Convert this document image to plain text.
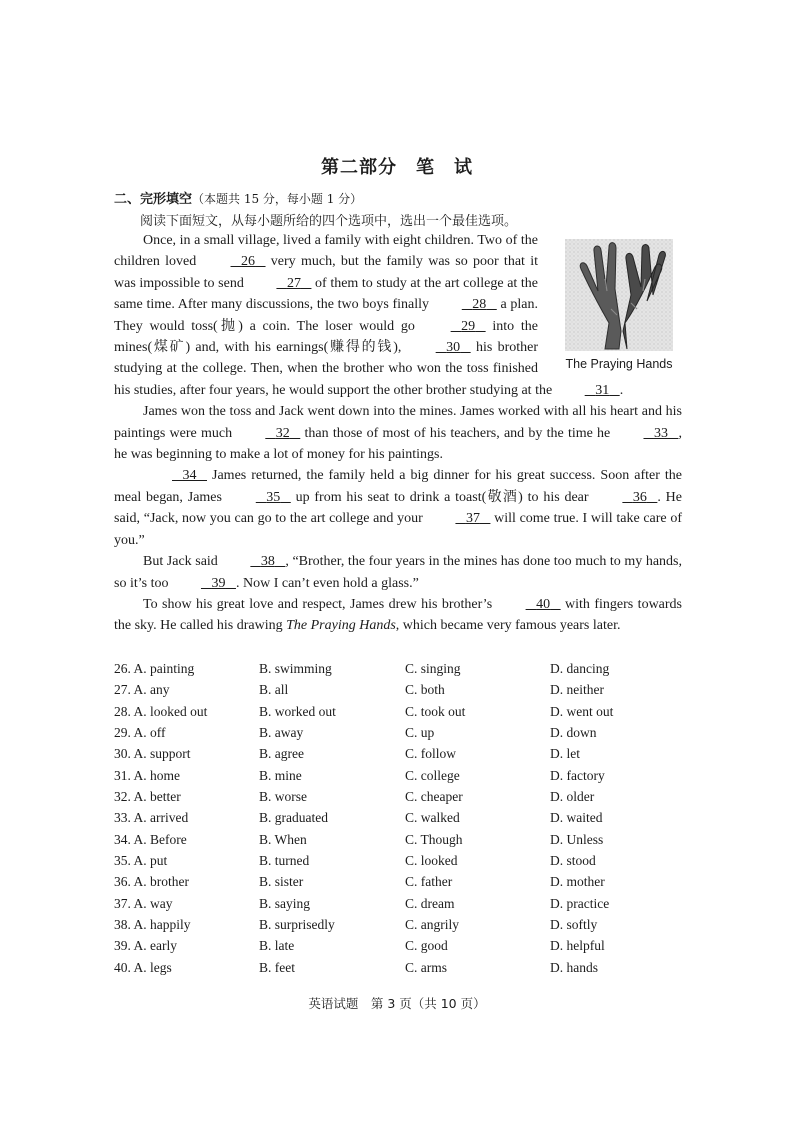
第二部分　笔　试
二、完形填空（本题共 15 分，每小题 1 分）
阅读下面短文，从每小题所给的四个选项中，选出一个最佳选项。
The Praying Hands

Once, in a small village, lived a family with eight children. Two of the children loved	26    very much, but the family was so poor that it was impossible to send	27    of them to study at the art college at the same time. After many discussions, the two boys finally	28    a plan. They would toss(抛) a coin. The loser would go	29    into the mines(煤矿) and, with his earnings(赚得的钱),	30    his brother studying at the college. Then, when the brother who won the toss finished his studies, after four years, he would support the other brother studying at the	31 .

James won the toss and Jack went down into the mines. James worked with all his heart and his paintings were much	32    than those of most of his teachers, and by the time he	33 , he was beginning to make a lot of money for his paintings.

34    James returned, the family held a big dinner for his great success. Soon after the meal began, James	35    up from his seat to drink a toast(敬酒) to his dear	36 . He said, “Jack, now you can go to the art college and your	37    will come true. I will take care of you.”

But Jack said	38 , “Brother, the four years in the mines has done too much to my hands, so it’s too	39 . Now I can’t even hold a glass.”

To show his great love and respect, James drew his brother’s	40    with fingers towards the sky. He called his drawing The Praying Hands, which became very famous years later.

26. A. painting	B. swimming	C. singing	D. dancing
27. A. any	B. all	C. both	D. neither
28. A. looked out	B. worked out	C. took out	D. went out
29. A. off	B. away	C. up	D. down
30. A. support	B. agree	C. follow	D. let
31. A. home	B. mine	C. college	D. factory
32. A. better	B. worse	C. cheaper	D. older
33. A. arrived	B. graduated	C. walked	D. waited
34. A. Before	B. When	C. Though	D. Unless
35. A. put	B. turned	C. looked	D. stood
36. A. brother	B. sister	C. father	D. mother
37. A. way	B. saying	C. dream	D. practice
38. A. happily	B. surprisedly	C. angrily	D. softly
39. A. early	B. late	C. good	D. helpful
40. A. legs	B. feet	C. arms	D. hands
英语试题　第 3 页（共 10 页）
